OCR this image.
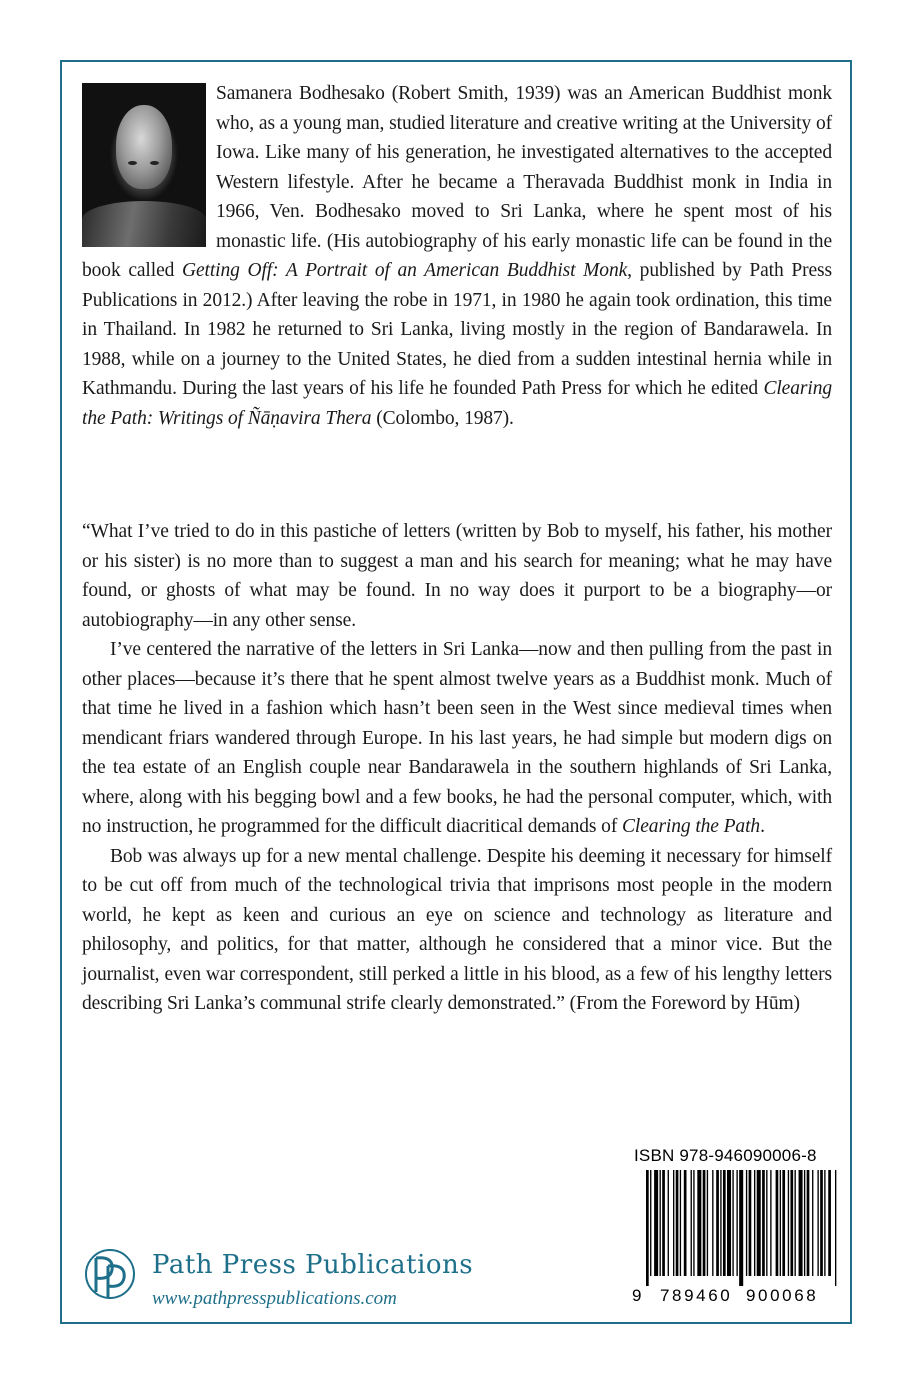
Samanera Bodhesako (Robert Smith, 1939) was an American Buddhist monk who, as a young man, studied literature and creative writing at the University of Iowa. Like many of his generation, he investigated alternatives to the accepted Western lifestyle. After he became a Theravada Buddhist monk in India in 1966, Ven. Bodhesako moved to Sri Lanka, where he spent most of his monastic life. (His autobiography of his early monastic life can be found in the book called Getting Off: A Portrait of an American Buddhist Monk, published by Path Press Publications in 2012.) After leaving the robe in 1971, in 1980 he again took ordination, this time in Thailand. In 1982 he returned to Sri Lanka, living mostly in the region of Bandarawela. In 1988, while on a journey to the United States, he died from a sudden intestinal hernia while in Kathmandu. During the last years of his life he founded Path Press for which he edited Clearing the Path: Writings of Ñāṇavira Thera (Colombo, 1987).

“What I’ve tried to do in this pastiche of letters (written by Bob to myself, his father, his mother or his sister) is no more than to suggest a man and his search for meaning; what he may have found, or ghosts of what may be found. In no way does it purport to be a biography—or autobiography—in any other sense.

I’ve centered the narrative of the letters in Sri Lanka—now and then pulling from the past in other places—because it’s there that he spent almost twelve years as a Buddhist monk. Much of that time he lived in a fashion which hasn’t been seen in the West since medieval times when mendicant friars wandered through Europe. In his last years, he had simple but modern digs on the tea estate of an English couple near Bandarawela in the southern highlands of Sri Lanka, where, along with his begging bowl and a few books, he had the personal computer, which, with no instruction, he programmed for the difficult diacritical demands of Clearing the Path.

Bob was always up for a new mental challenge. Despite his deeming it necessary for himself to be cut off from much of the technological trivia that imprisons most people in the modern world, he kept as keen and curious an eye on science and technology as literature and philosophy, and politics, for that matter, although he considered that a minor vice. But the journalist, even war correspondent, still perked a little in his blood, as a few of his lengthy letters describing Sri Lanka’s communal strife clearly demonstrated.” (From the Foreword by Hūm)

Path Press Publications
www.pathpresspublications.com
ISBN 978-946090006-8
9 789460 900068
